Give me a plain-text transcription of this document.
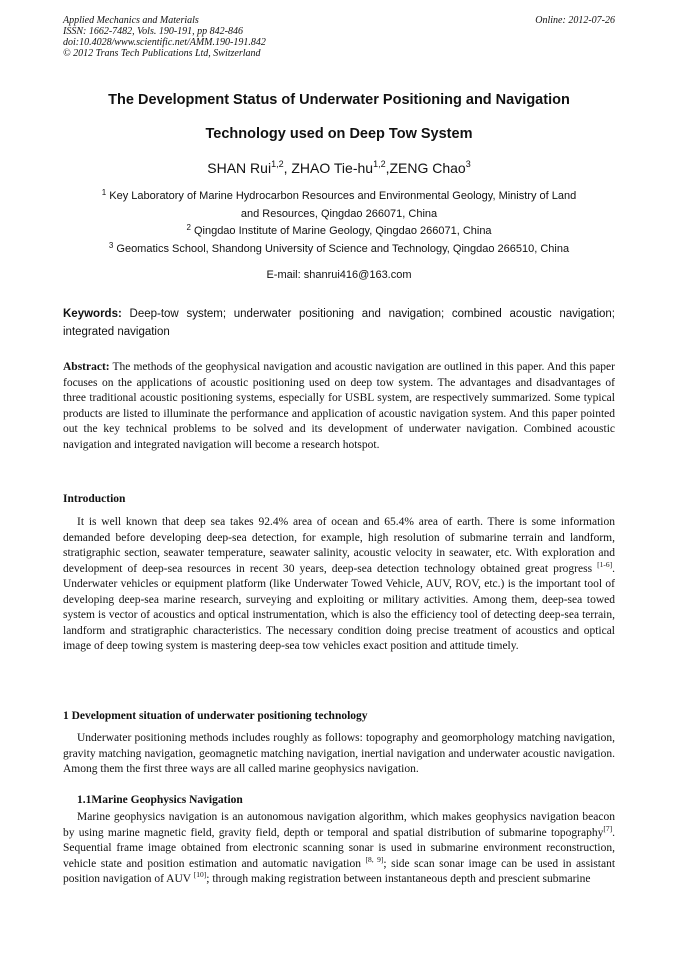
Applied Mechanics and Materials
ISSN: 1662-7482, Vols. 190-191, pp 842-846
doi:10.4028/www.scientific.net/AMM.190-191.842
© 2012 Trans Tech Publications Ltd, Switzerland
Online: 2012-07-26
The Development Status of Underwater Positioning and Navigation
Technology used on Deep Tow System
SHAN Rui$^{1,2}$, ZHAO Tie-hu$^{1,2}$,ZENG Chao$^3$
$^1$ Key Laboratory of Marine Hydrocarbon Resources and Environmental Geology, Ministry of Land
and Resources, Qingdao 266071, China
$^2$ Qingdao Institute of Marine Geology, Qingdao 266071, China
$^3$ Geomatics School, Shandong University of Science and Technology, Qingdao 266510, China
E-mail: shanrui416@163.com
Keywords: Deep-tow system; underwater positioning and navigation; combined acoustic navigation; integrated navigation
Abstract: The methods of the geophysical navigation and acoustic navigation are outlined in this paper. And this paper focuses on the applications of acoustic positioning used on deep tow system. The advantages and disadvantages of three traditional acoustic positioning systems, especially for USBL system, are respectively summarized. Some typical products are listed to illuminate the performance and application of acoustic navigation system. And this paper pointed out the key technical problems to be solved and its development of underwater navigation. Combined acoustic navigation and integrated navigation will become a research hotspot.
Introduction
It is well known that deep sea takes 92.4% area of ocean and 65.4% area of earth. There is some information demanded before developing deep-sea detection, for example, high resolution of submarine terrain and landform, stratigraphic section, seawater temperature, seawater salinity, acoustic velocity in seawater, etc. With exploration and development of deep-sea resources in recent 30 years, deep-sea detection technology obtained great progress [1-6]. Underwater vehicles or equipment platform (like Underwater Towed Vehicle, AUV, ROV, etc.) is the important tool of developing deep-sea marine research, surveying and exploiting or military activities. Among them, deep-sea towed system is vector of acoustics and optical instrumentation, which is also the efficiency tool of detecting deep-sea terrain, landform and stratigraphic characteristics. The necessary condition doing precise treatment of acoustics and optical image of deep towing system is mastering deep-sea tow vehicles exact position and attitude timely.
1 Development situation of underwater positioning technology
Underwater positioning methods includes roughly as follows: topography and geomorphology matching navigation, gravity matching navigation, geomagnetic matching navigation, inertial navigation and underwater acoustic navigation. Among them the first three ways are all called marine geophysics navigation.
1.1Marine Geophysics Navigation
Marine geophysics navigation is an autonomous navigation algorithm, which makes geophysics navigation beacon by using marine magnetic field, gravity field, depth or temporal and spatial distribution of submarine topography[7]. Sequential frame image obtained from electronic scanning sonar is used in submarine environment reconstruction, vehicle state and position estimation and automatic navigation [8, 9]; side scan sonar image can be used in assistant position navigation of AUV [10]; through making registration between instantaneous depth and prescient submarine
